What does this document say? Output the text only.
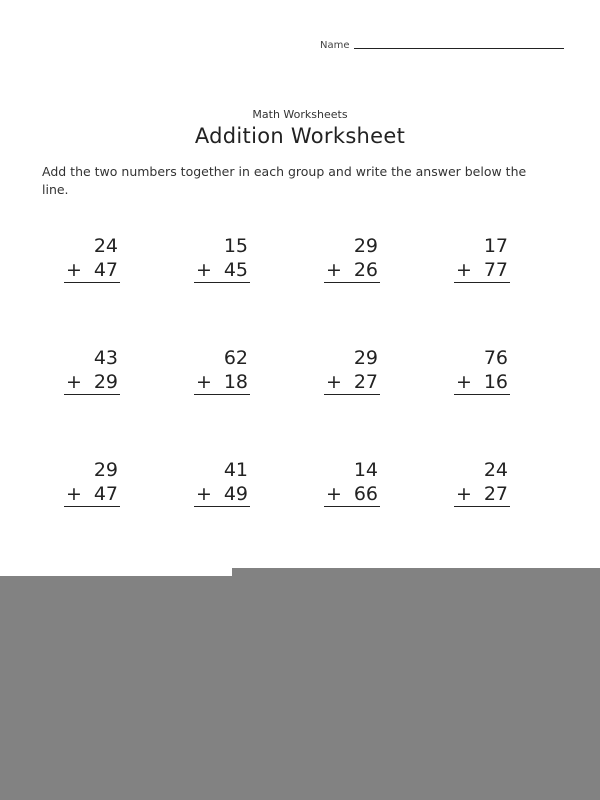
Name
Math Worksheets
Addition Worksheet
Add the two numbers together in each group and write the answer below the line.
24
+ 47
15
+ 45
29
+ 26
17
+ 77
43
+ 29
62
+ 18
29
+ 27
76
+ 16
29
+ 47
41
+ 49
14
+ 66
24
+ 27
